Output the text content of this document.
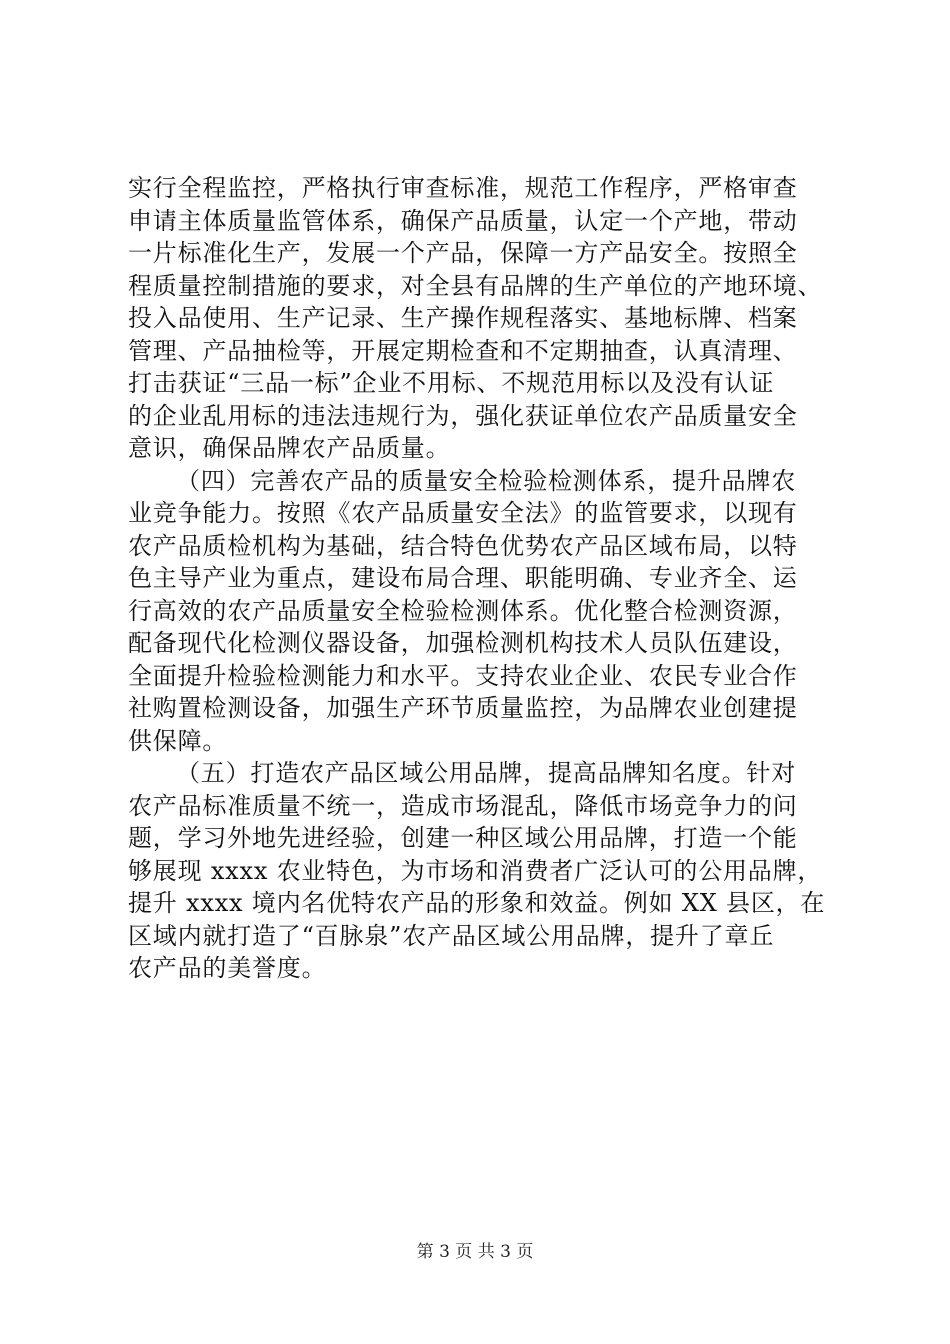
实行全程监控，严格执行审查标准，规范工作程序，严格审查
申请主体质量监管体系，确保产品质量，认定一个产地，带动
一片标准化生产，发展一个产品，保障一方产品安全。按照全
程质量控制措施的要求，对全县有品牌的生产单位的产地环境、
投入品使用、生产记录、生产操作规程落实、基地标牌、档案
管理、产品抽检等，开展定期检查和不定期抽查，认真清理、
打击获证“三品一标”企业不用标、不规范用标以及没有认证
的企业乱用标的违法违规行为，强化获证单位农产品质量安全
意识，确保品牌农产品质量。
（四）完善农产品的质量安全检验检测体系，提升品牌农
业竞争能力。按照《农产品质量安全法》的监管要求，以现有
农产品质检机构为基础，结合特色优势农产品区域布局，以特
色主导产业为重点，建设布局合理、职能明确、专业齐全、运
行高效的农产品质量安全检验检测体系。优化整合检测资源，
配备现代化检测仪器设备，加强检测机构技术人员队伍建设，
全面提升检验检测能力和水平。支持农业企业、农民专业合作
社购置检测设备，加强生产环节质量监控，为品牌农业创建提
供保障。
（五）打造农产品区域公用品牌，提高品牌知名度。针对
农产品标准质量不统一，造成市场混乱，降低市场竞争力的问
题，学习外地先进经验，创建一种区域公用品牌，打造一个能
够展现 xxxx 农业特色，为市场和消费者广泛认可的公用品牌，
提升 xxxx 境内名优特农产品的形象和效益。例如 XX 县区，在
区域内就打造了“百脉泉”农产品区域公用品牌，提升了章丘
农产品的美誉度。
第 3 页 共 3 页
